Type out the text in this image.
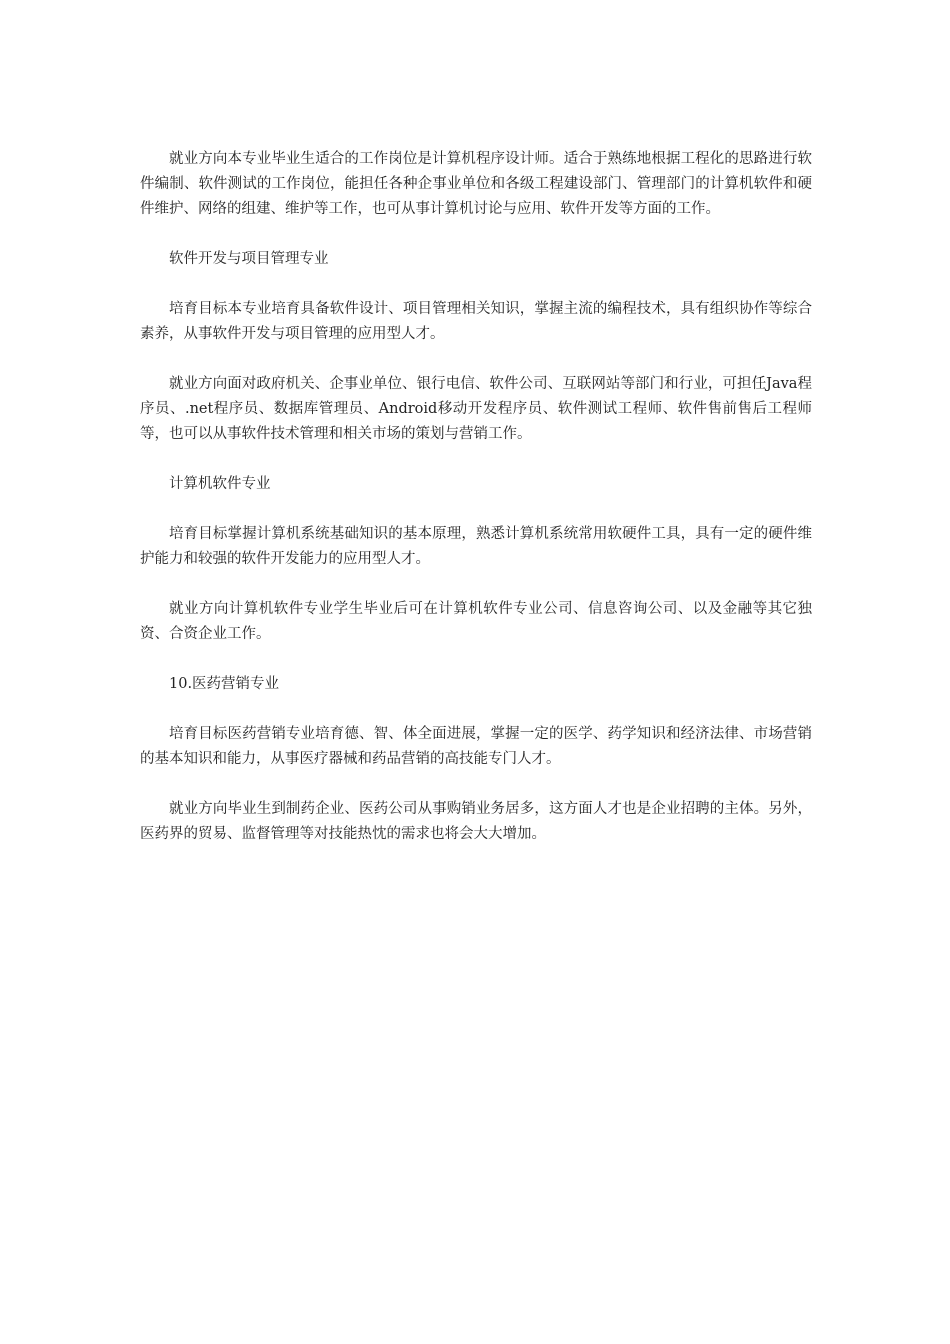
就业方向本专业毕业生适合的工作岗位是计算机程序设计师。适合于熟练地根据工程化的思路进行软件编制、软件测试的工作岗位，能担任各种企事业单位和各级工程建设部门、管理部门的计算机软件和硬件维护、网络的组建、维护等工作，也可从事计算机讨论与应用、软件开发等方面的工作。

软件开发与项目管理专业

培育目标本专业培育具备软件设计、项目管理相关知识，掌握主流的编程技术，具有组织协作等综合素养，从事软件开发与项目管理的应用型人才。

就业方向面对政府机关、企事业单位、银行电信、软件公司、互联网站等部门和行业，可担任Java程序员、.net程序员、数据库管理员、Android移动开发程序员、软件测试工程师、软件售前售后工程师等，也可以从事软件技术管理和相关市场的策划与营销工作。

计算机软件专业

培育目标掌握计算机系统基础知识的基本原理，熟悉计算机系统常用软硬件工具，具有一定的硬件维护能力和较强的软件开发能力的应用型人才。

就业方向计算机软件专业学生毕业后可在计算机软件专业公司、信息咨询公司、以及金融等其它独资、合资企业工作。

10.医药营销专业

培育目标医药营销专业培育德、智、体全面进展，掌握一定的医学、药学知识和经济法律、市场营销的基本知识和能力，从事医疗器械和药品营销的高技能专门人才。

就业方向毕业生到制药企业、医药公司从事购销业务居多，这方面人才也是企业招聘的主体。另外，医药界的贸易、监督管理等对技能热忱的需求也将会大大增加。
